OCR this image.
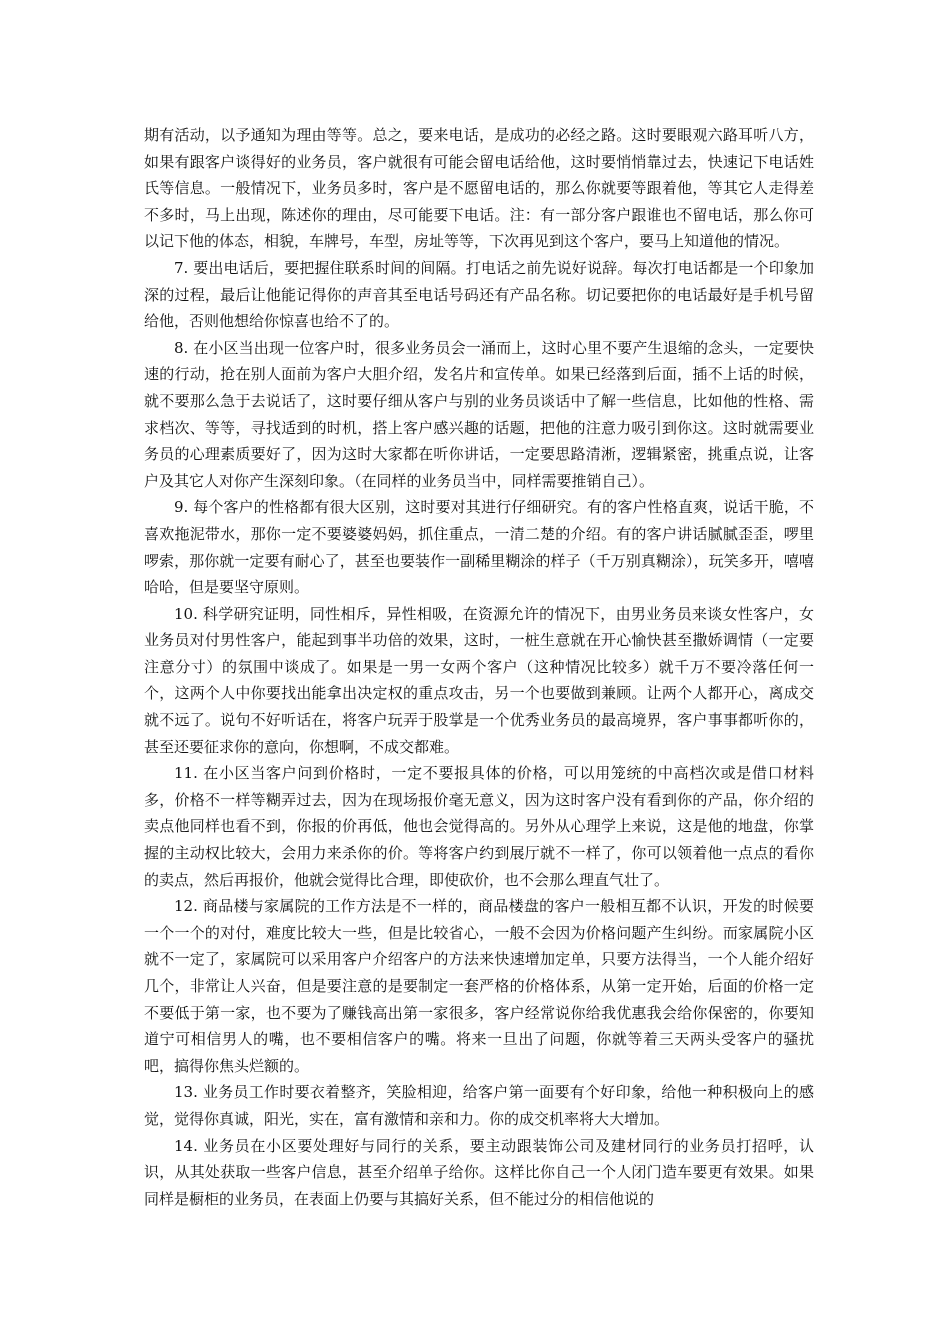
期有活动，以予通知为理由等等。总之，要来电话，是成功的必经之路。这时要眼观六路耳听八方，如果有跟客户谈得好的业务员，客户就很有可能会留电话给他，这时要悄悄靠过去，快速记下电话姓氏等信息。一般情况下，业务员多时，客户是不愿留电话的，那么你就要等跟着他，等其它人走得差不多时，马上出现，陈述你的理由，尽可能要下电话。注：有一部分客户跟谁也不留电话，那么你可以记下他的体态，相貌，车牌号，车型，房址等等，下次再见到这个客户，要马上知道他的情况。

7. 要出电话后，要把握住联系时间的间隔。打电话之前先说好说辞。每次打电话都是一个印象加深的过程，最后让他能记得你的声音其至电话号码还有产品名称。切记要把你的电话最好是手机号留给他，否则他想给你惊喜也给不了的。

8. 在小区当出现一位客户时，很多业务员会一涌而上，这时心里不要产生退缩的念头，一定要快速的行动，抢在别人面前为客户大胆介绍，发名片和宣传单。如果已经落到后面，插不上话的时候，就不要那么急于去说话了，这时要仔细从客户与别的业务员谈话中了解一些信息，比如他的性格、需求档次、等等，寻找适到的时机，搭上客户感兴趣的话题，把他的注意力吸引到你这。这时就需要业务员的心理素质要好了，因为这时大家都在听你讲话，一定要思路清淅，逻辑紧密，挑重点说，让客户及其它人对你产生深刻印象。（在同样的业务员当中，同样需要推销自己）。

9. 每个客户的性格都有很大区别，这时要对其进行仔细研究。有的客户性格直爽，说话干脆，不喜欢拖泥带水，那你一定不要婆婆妈妈，抓住重点，一清二楚的介绍。有的客户讲话腻腻歪歪，啰里啰索，那你就一定要有耐心了，甚至也要装作一副稀里糊涂的样子（千万别真糊涂），玩笑多开，嘻嘻哈哈，但是要坚守原则。

10. 科学研究证明，同性相斥，异性相吸，在资源允许的情况下，由男业务员来谈女性客户，女业务员对付男性客户，能起到事半功倍的效果，这时，一桩生意就在开心愉快甚至撒娇调情（一定要注意分寸）的氛围中谈成了。如果是一男一女两个客户（这种情况比较多）就千万不要冷落任何一个，这两个人中你要找出能拿出决定权的重点攻击，另一个也要做到兼顾。让两个人都开心，离成交就不远了。说句不好听话在，将客户玩弄于股掌是一个优秀业务员的最高境界，客户事事都听你的，甚至还要征求你的意向，你想啊，不成交都难。

11. 在小区当客户问到价格时，一定不要报具体的价格，可以用笼统的中高档次或是借口材料多，价格不一样等糊弄过去，因为在现场报价毫无意义，因为这时客户没有看到你的产品，你介绍的卖点他同样也看不到，你报的价再低，他也会觉得高的。另外从心理学上来说，这是他的地盘，你掌握的主动权比较大，会用力来杀你的价。等将客户约到展厅就不一样了，你可以领着他一点点的看你的卖点，然后再报价，他就会觉得比合理，即使砍价，也不会那么理直气壮了。

12. 商品楼与家属院的工作方法是不一样的，商品楼盘的客户一般相互都不认识，开发的时候要一个一个的对付，难度比较大一些，但是比较省心，一般不会因为价格问题产生纠纷。而家属院小区就不一定了，家属院可以采用客户介绍客户的方法来快速增加定单，只要方法得当，一个人能介绍好几个，非常让人兴奋，但是要注意的是要制定一套严格的价格体系，从第一定开始，后面的价格一定不要低于第一家，也不要为了赚钱高出第一家很多，客户经常说你给我优惠我会给你保密的，你要知道宁可相信男人的嘴，也不要相信客户的嘴。将来一旦出了问题，你就等着三天两头受客户的骚扰吧，搞得你焦头烂额的。

13. 业务员工作时要衣着整齐，笑脸相迎，给客户第一面要有个好印象，给他一种积极向上的感觉，觉得你真诚，阳光，实在，富有激情和亲和力。你的成交机率将大大增加。

14. 业务员在小区要处理好与同行的关系，要主动跟装饰公司及建材同行的业务员打招呼，认识，从其处获取一些客户信息，甚至介绍单子给你。这样比你自己一个人闭门造车要更有效果。如果同样是橱柜的业务员，在表面上仍要与其搞好关系，但不能过分的相信他说的
